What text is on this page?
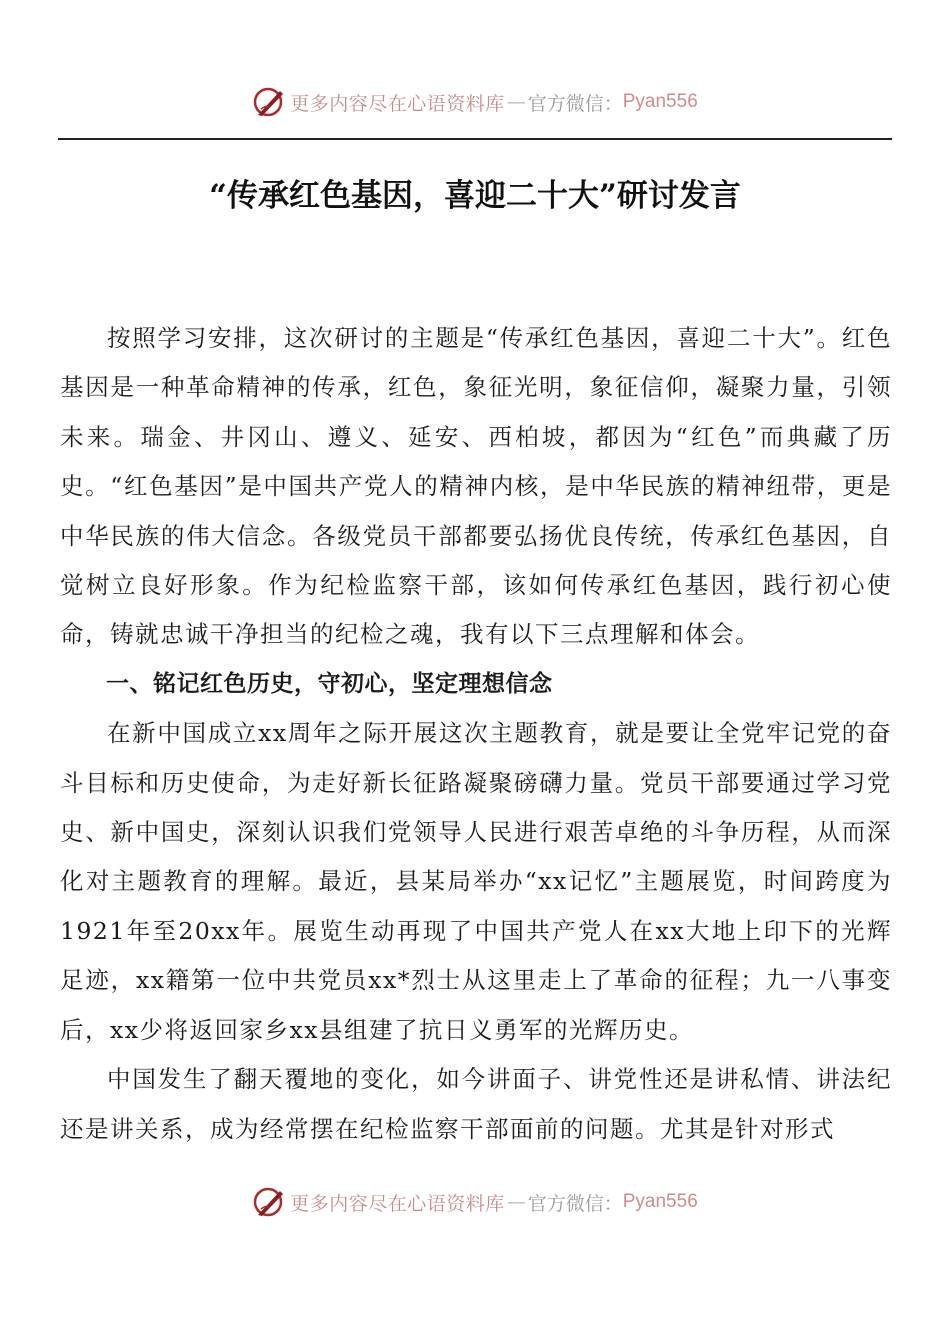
更多内容尽在心语资料库 — 官方微信： Pyan556
“传承红色基因，喜迎二十大”研讨发言

按照学习安排，这次研讨的主题是“传承红色基因，喜迎二十大”。红色基因是一种革命精神的传承，红色，象征光明，象征信仰，凝聚力量，引领未来。瑞金、井冈山、遵义、延安、西柏坡，都因为“红色”而典藏了历史。“红色基因”是中国共产党人的精神内核，是中华民族的精神纽带，更是中华民族的伟大信念。各级党员干部都要弘扬优良传统，传承红色基因，自觉树立良好形象。作为纪检监察干部，该如何传承红色基因，践行初心使命，铸就忠诚干净担当的纪检之魂，我有以下三点理解和体会。

一、铭记红色历史，守初心，坚定理想信念

在新中国成立xx周年之际开展这次主题教育，就是要让全党牢记党的奋斗目标和历史使命，为走好新长征路凝聚磅礴力量。党员干部要通过学习党史、新中国史，深刻认识我们党领导人民进行艰苦卓绝的斗争历程，从而深化对主题教育的理解。最近，县某局举办“xx记忆”主题展览，时间跨度为1921年至20xx年。展览生动再现了中国共产党人在xx大地上印下的光辉足迹，xx籍第一位中共党员xx*烈士从这里走上了革命的征程；九一八事变后，xx少将返回家乡xx县组建了抗日义勇军的光辉历史。

中国发生了翻天覆地的变化，如今讲面子、讲党性还是讲私情、讲法纪还是讲关系，成为经常摆在纪检监察干部面前的问题。尤其是针对形式

更多内容尽在心语资料库 — 官方微信： Pyan556
